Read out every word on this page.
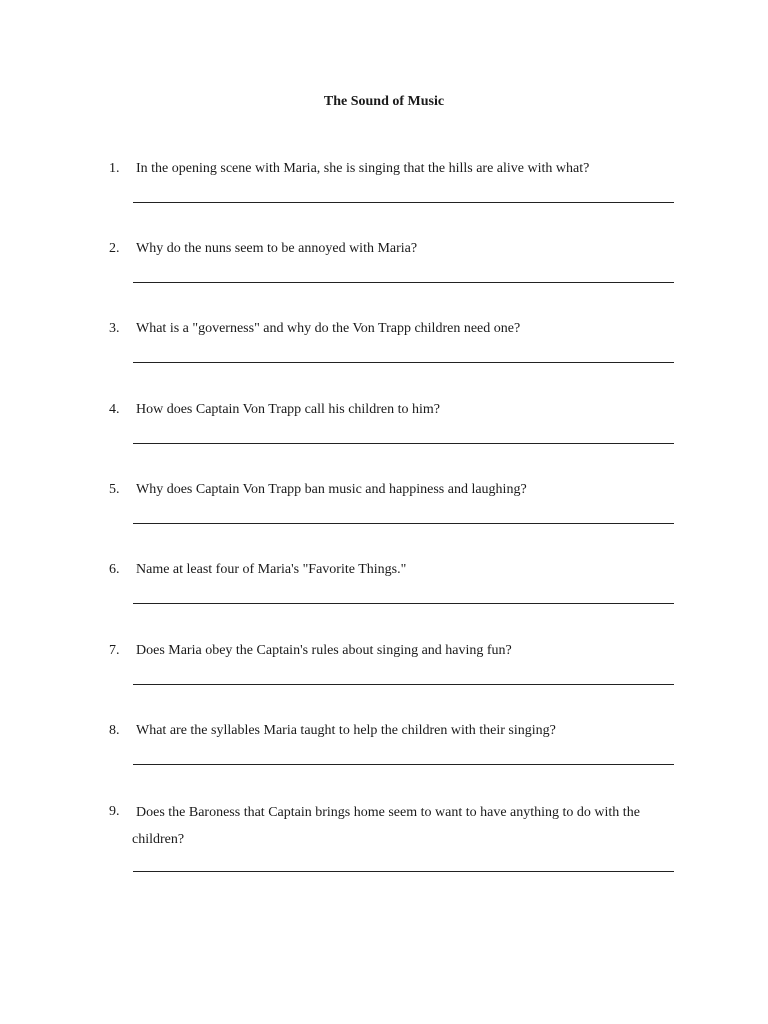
The Sound of Music
1. In the opening scene with Maria, she is singing that the hills are alive with what?
2. Why do the nuns seem to be annoyed with Maria?
3. What is a "governess" and why do the Von Trapp children need one?
4. How does Captain Von Trapp call his children to him?
5. Why does Captain Von Trapp ban music and happiness and laughing?
6. Name at least four of Maria's "Favorite Things."
7. Does Maria obey the Captain's rules about singing and having fun?
8. What are the syllables Maria taught to help the children with their singing?
9. Does the Baroness that Captain brings home seem to want to have anything to do with the
children?
